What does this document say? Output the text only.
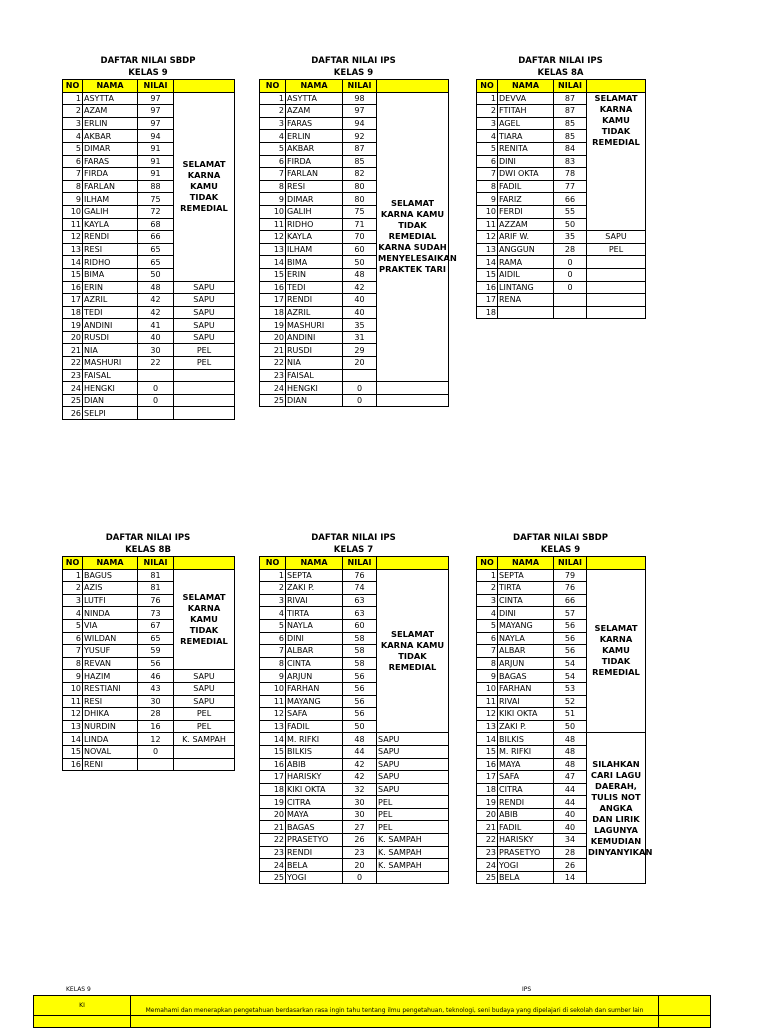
DAFTAR NILAI SBDP
KELAS 9
NO	NAMA	NILAI	
1	ASYTTA	97	SELAMAT KARNA KAMU TIDAK REMEDIAL
2	AZAM	97	
3	ERLIN	97	
4	AKBAR	94	
5	DIMAR	91	
6	FARAS	91	
7	FIRDA	91	
8	FARLAN	88	
9	ILHAM	75	
10	GALIH	72	
11	KAYLA	68	
12	RENDI	66	
13	RESI	65	
14	RIDHO	65	
15	BIMA	50	
16	ERIN	48	SAPU
17	AZRIL	42	SAPU
18	TEDI	42	SAPU
19	ANDINI	41	SAPU
20	RUSDI	40	SAPU
21	NIA	30	PEL
22	MASHURI	22	PEL
23	FAISAL		
24	HENGKI	0	
25	DIAN	0	
26	SELPI		
DAFTAR NILAI IPS
KELAS 9
NO	NAMA	NILAI	
1	ASYTTA	98	SELAMAT KARNA KAMU TIDAK REMEDIAL KARNA SUDAH MENYELESAIKAN PRAKTEK TARI
2	AZAM	97	
3	FARAS	94	
4	ERLIN	92	
5	AKBAR	87	
6	FIRDA	85	
7	FARLAN	82	
8	RESI	80	
9	DIMAR	80	
10	GALIH	75	
11	RIDHO	71	
12	KAYLA	70	
13	ILHAM	60	
14	BIMA	50	
15	ERIN	48	
16	TEDI	42	
17	RENDI	40	
18	AZRIL	40	
19	MASHURI	35	
20	ANDINI	31	
21	RUSDI	29	
22	NIA	20	
23	FAISAL		
24	HENGKI	0	
25	DIAN	0	
DAFTAR NILAI IPS
KELAS 8A
NO	NAMA	NILAI	
1	DEVVA	87	SELAMAT KARNA KAMU TIDAK REMEDIAL
2	FTITAH	87	
3	AGEL	85	
4	TIARA	85	
5	RENITA	84	
6	DINI	83	
7	DWI OKTA	78	
8	FADIL	77	
9	FARIZ	66	
10	FERDI	55	
11	AZZAM	50	
12	ARIF W.	35	SAPU
13	ANGGUN	28	PEL
14	RAMA	0	
15	AIDIL	0	
16	LINTANG	0	
17	RENA		
18			
DAFTAR NILAI IPS
KELAS 8B
NO	NAMA	NILAI	
1	BAGUS	81	SELAMAT KARNA KAMU TIDAK REMEDIAL
2	AZIS	81	
3	LUTFI	76	
4	NINDA	73	
5	VIA	67	
6	WILDAN	65	
7	YUSUF	59	
8	REVAN	56	
9	HAZIM	46	SAPU
10	RESTIANI	43	SAPU
11	RESI	30	SAPU
12	DHIKA	28	PEL
13	NURDIN	16	PEL
14	LINDA	12	K. SAMPAH
15	NOVAL	0	
16	RENI		
DAFTAR NILAI IPS
KELAS 7
NO	NAMA	NILAI	
1	SEPTA	76	SELAMAT KARNA KAMU TIDAK REMEDIAL
2	ZAKI P.	74	
3	RIVAI	63	
4	TIRTA	63	
5	NAYLA	60	
6	DINI	58	
7	ALBAR	58	
8	CINTA	58	
9	ARJUN	56	
10	FARHAN	56	
11	MAYANG	56	
12	SAFA	56	
13	FADIL	50	
14	M. RIFKI	48	SAPU
15	BILKIS	44	SAPU
16	ABIB	42	SAPU
17	HARISKY	42	SAPU
18	KIKI OKTA	32	SAPU
19	CITRA	30	PEL
20	MAYA	30	PEL
21	BAGAS	27	PEL
22	PRASETYO	26	K. SAMPAH
23	RENDI	23	K. SAMPAH
24	BELA	20	K. SAMPAH
25	YOGI	0	
DAFTAR NILAI SBDP
KELAS 9
NO	NAMA	NILAI	
1	SEPTA	79	SELAMAT KARNA KAMU TIDAK REMEDIAL
2	TIRTA	76	
3	CINTA	66	
4	DINI	57	
5	MAYANG	56	
6	NAYLA	56	
7	ALBAR	56	
8	ARJUN	54	
9	BAGAS	54	
10	FARHAN	53	
11	RIVAI	52	
12	KIKI OKTA	51	
13	ZAKI P.	50	
14	BILKIS	48	SILAHKAN CARI LAGU DAERAH, TULIS NOT ANGKA DAN LIRIK LAGUNYA KEMUDIAN DINYANYIKAN
15	M. RIFKI	48	
16	MAYA	48	
17	SAFA	47	
18	CITRA	44	
19	RENDI	44	
20	ABIB	40	
21	FADIL	40	
22	HARISKY	34	
23	PRASETYO	28	
24	YOGI	26	
25	BELA	14	
KELAS 9	IPS
KI	Memahami dan menerapkan pengetahuan berdasarkan rasa ingin tahu tentang ilmu pengetahuan, teknologi, seni budaya yang dipelajari di sekolah dan sumber lain	
